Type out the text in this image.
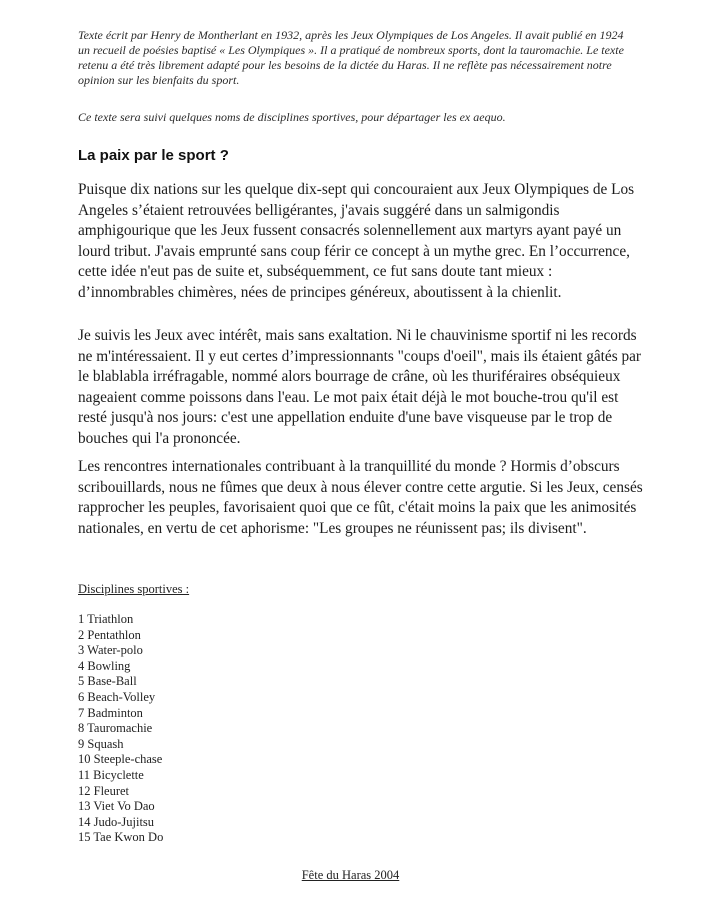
Texte écrit par Henry de Montherlant en 1932, après les Jeux Olympiques de Los Angeles. Il avait publié en 1924 un recueil de poésies baptisé « Les Olympiques ». Il a pratiqué de nombreux sports, dont la tauromachie. Le texte retenu a été très librement adapté pour les besoins de la dictée du Haras. Il ne reflète pas nécessairement notre opinion sur les bienfaits du sport.

Ce texte sera suivi quelques noms de disciplines sportives, pour départager les ex aequo.

La paix par le sport ?

Puisque dix nations sur les quelque dix-sept qui concouraient aux Jeux Olympiques de Los Angeles s’étaient retrouvées belligérantes, j'avais suggéré dans un salmigondis amphigourique que les Jeux fussent consacrés solennellement aux martyrs ayant payé un lourd tribut. J'avais emprunté sans coup férir ce concept à un mythe grec. En l’occurrence, cette idée n'eut pas de suite et, subséquemment, ce fut sans doute tant mieux : d’innombrables chimères, nées de principes généreux, aboutissent à la chienlit.

Je suivis les Jeux avec intérêt, mais sans exaltation. Ni le chauvinisme sportif ni les records ne m'intéressaient. Il y eut certes d’impressionnants "coups d'oeil", mais ils étaient gâtés par le blablabla irréfragable, nommé alors bourrage de crâne, où les thuriféraires obséquieux nageaient comme poissons dans l'eau. Le mot paix était déjà le mot bouche-trou qu'il est resté jusqu'à nos jours: c'est une appellation enduite d'une bave visqueuse par le trop de bouches qui l'a prononcée.

Les rencontres internationales contribuant à la tranquillité du monde ? Hormis d’obscurs scribouillards, nous ne fûmes que deux à nous élever contre cette argutie. Si les Jeux, censés rapprocher les peuples, favorisaient quoi que ce fût, c'était moins la paix que les animosités nationales, en vertu de cet aphorisme: "Les groupes ne réunissent pas; ils divisent".

Disciplines sportives :
1 Triathlon
2 Pentathlon
3 Water-polo
4 Bowling
5 Base-Ball
6 Beach-Volley
7 Badminton
8 Tauromachie
9 Squash
10 Steeple-chase
11 Bicyclette
12 Fleuret
13 Viet Vo Dao
14 Judo-Jujitsu
15 Tae Kwon Do
Fête du Haras 2004
